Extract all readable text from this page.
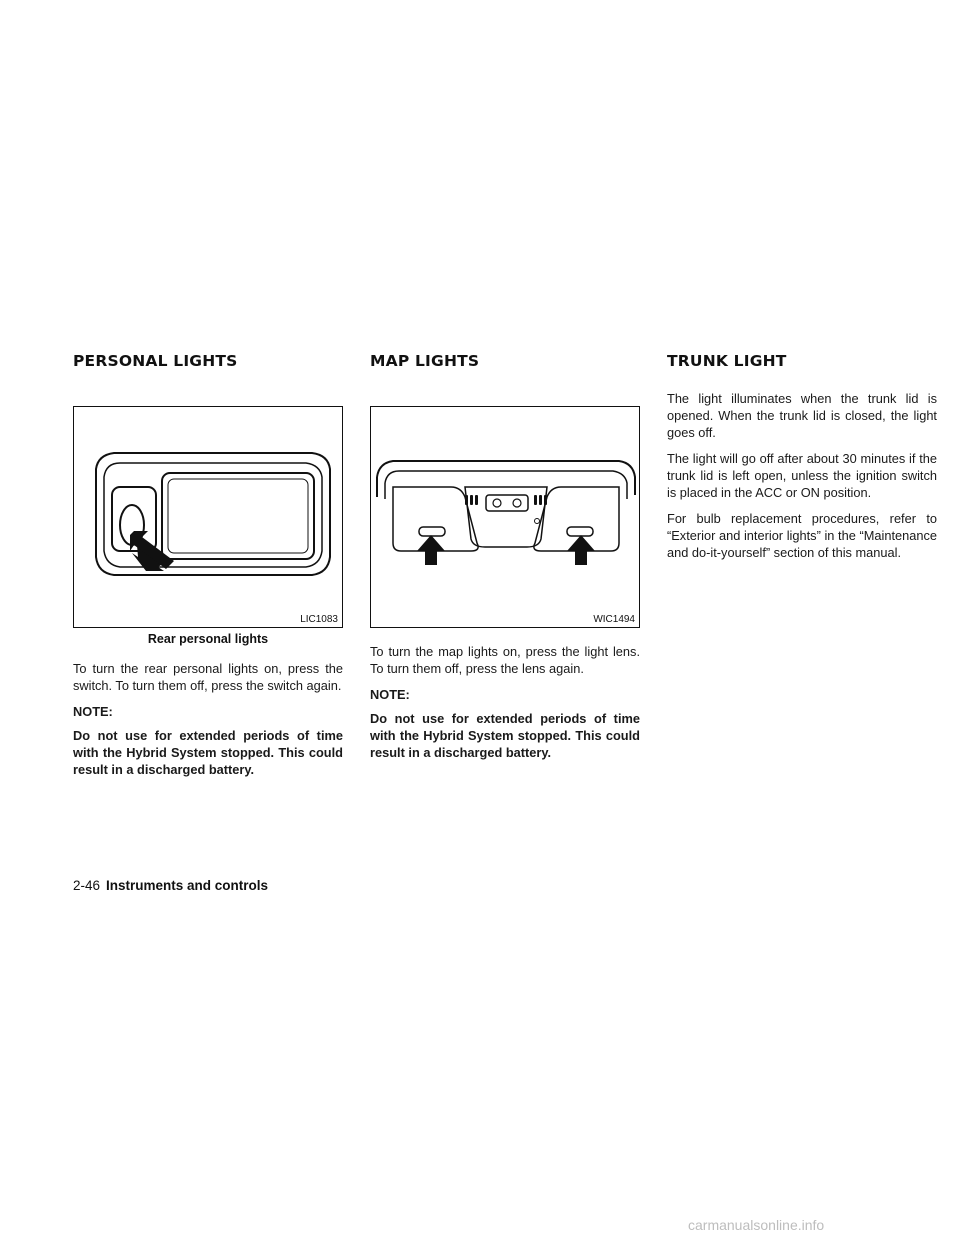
PERSONAL LIGHTS	MAP LIGHTS	TRUNK LIGHT
LIC1083
Rear personal lights
WIC1494

To turn the rear personal lights on, press the switch. To turn them off, press the switch again.

NOTE:

Do not use for extended periods of time with the Hybrid System stopped. This could result in a discharged battery.

To turn the map lights on, press the light lens. To turn them off, press the lens again.

NOTE:

Do not use for extended periods of time with the Hybrid System stopped. This could result in a discharged battery.

The light illuminates when the trunk lid is opened. When the trunk lid is closed, the light goes off.

The light will go off after about 30 minutes if the trunk lid is left open, unless the ignition switch is placed in the ACC or ON position.

For bulb replacement procedures, refer to “Exterior and interior lights” in the “Maintenance and do-it-yourself” section of this manual.

2-46 Instruments and controls
carmanualsonline.info
